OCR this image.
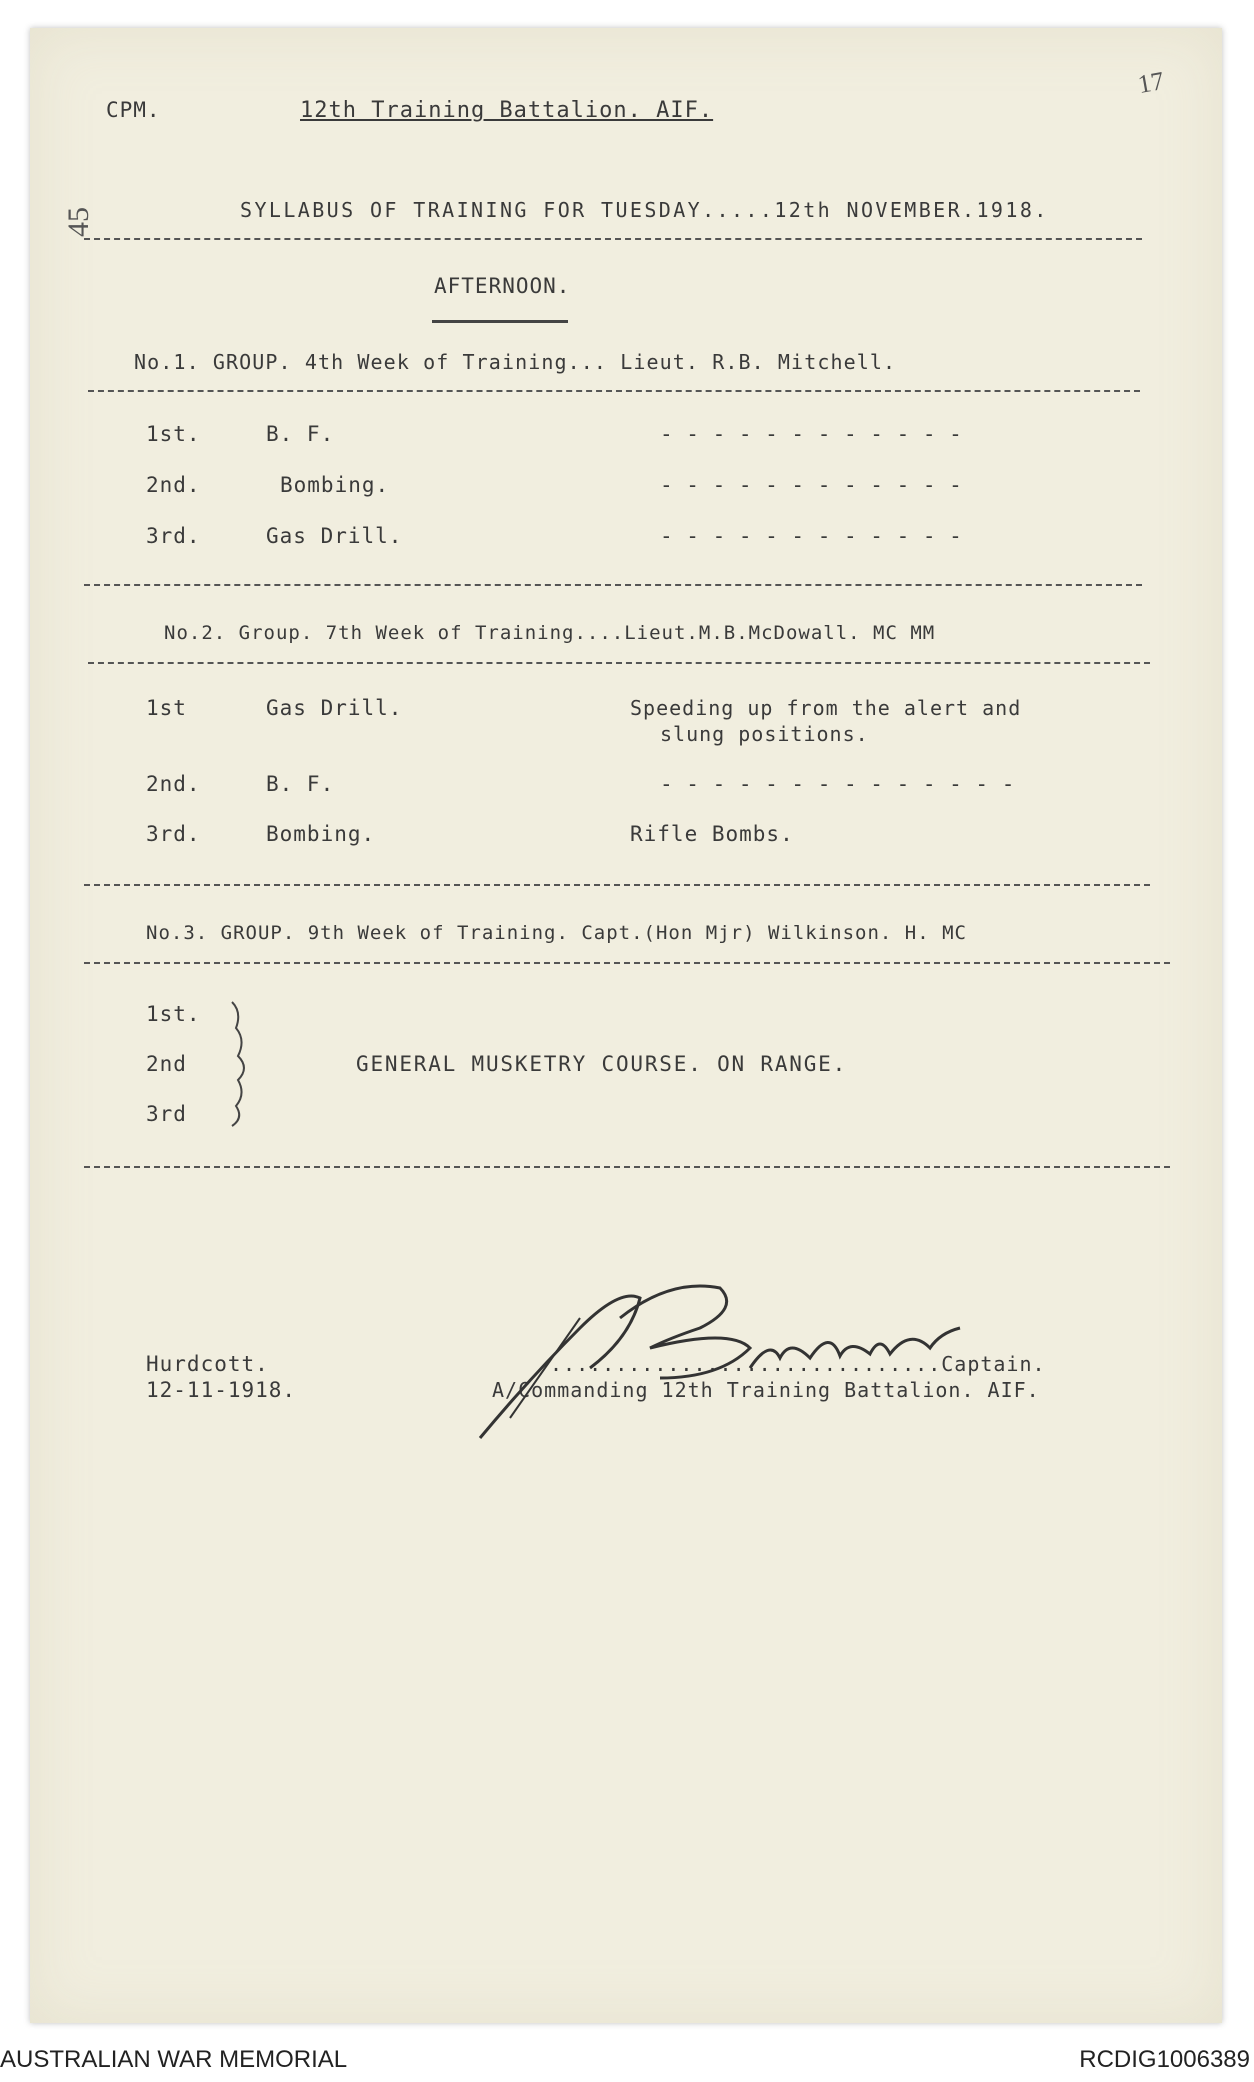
17
45
CPM.	12th Training Battalion. AIF.
SYLLABUS OF TRAINING FOR TUESDAY.....12th NOVEMBER.1918.
AFTERNOON.
No.1. GROUP. 4th Week of Training... Lieut. R.B. Mitchell.
1st.	B. F.	- - - - - - - - - - - -
2nd.	Bombing.	- - - - - - - - - - - -
3rd.	Gas Drill.	- - - - - - - - - - - -
No.2. Group. 7th Week of Training....Lieut.M.B.McDowall. MC MM
1st	Gas Drill.	Speeding up from the alert and
slung positions.
2nd.	B. F.	- - - - - - - - - - - - - -
3rd.	Bombing.	Rifle Bombs.
No.3. GROUP. 9th Week of Training. Capt.(Hon Mjr) Wilkinson. H. MC
1st.
2nd
3rd
GENERAL MUSKETRY COURSE. ON RANGE.
Hurdcott.
12-11-1918.
..............................Captain.
A/Commanding 12th Training Battalion. AIF.
AUSTRALIAN WAR MEMORIAL	RCDIG1006389
